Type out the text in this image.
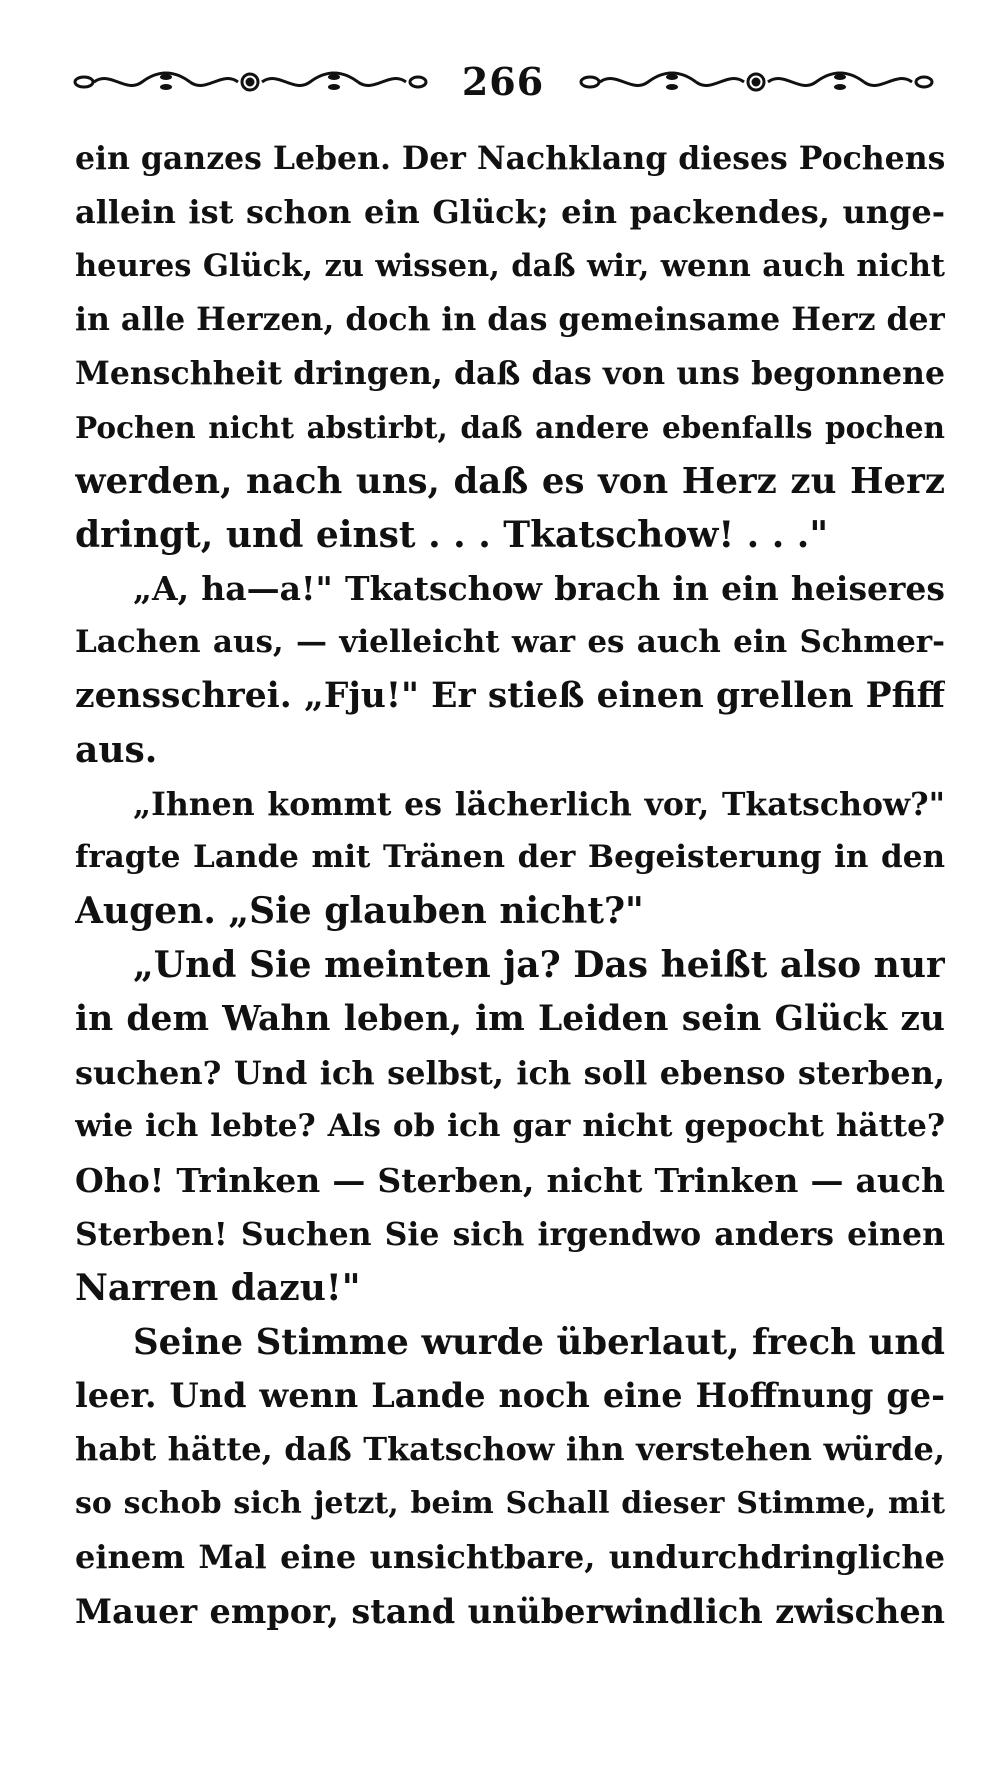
266
ein ganzes Leben. Der Nachklang dieses Pochens
allein ist schon ein Glück; ein packendes, unge-
heures Glück, zu wissen, daß wir, wenn auch nicht
in alle Herzen, doch in das gemeinsame Herz der
Menschheit dringen, daß das von uns begonnene
Pochen nicht abstirbt, daß andere ebenfalls pochen
werden, nach uns, daß es von Herz zu Herz
dringt, und einst . . . Tkatschow! . . ."
„A, ha—a!" Tkatschow brach in ein heiseres
Lachen aus, — vielleicht war es auch ein Schmer-
zensschrei. „Fju!" Er stieß einen grellen Pfiff
aus.
„Ihnen kommt es lächerlich vor, Tkatschow?"
fragte Lande mit Tränen der Begeisterung in den
Augen. „Sie glauben nicht?"
„Und Sie meinten ja? Das heißt also nur
in dem Wahn leben, im Leiden sein Glück zu
suchen? Und ich selbst, ich soll ebenso sterben,
wie ich lebte? Als ob ich gar nicht gepocht hätte?
Oho! Trinken — Sterben, nicht Trinken — auch
Sterben! Suchen Sie sich irgendwo anders einen
Narren dazu!"
Seine Stimme wurde überlaut, frech und
leer. Und wenn Lande noch eine Hoffnung ge-
habt hätte, daß Tkatschow ihn verstehen würde,
so schob sich jetzt, beim Schall dieser Stimme, mit
einem Mal eine unsichtbare, undurchdringliche
Mauer empor, stand unüberwindlich zwischen
